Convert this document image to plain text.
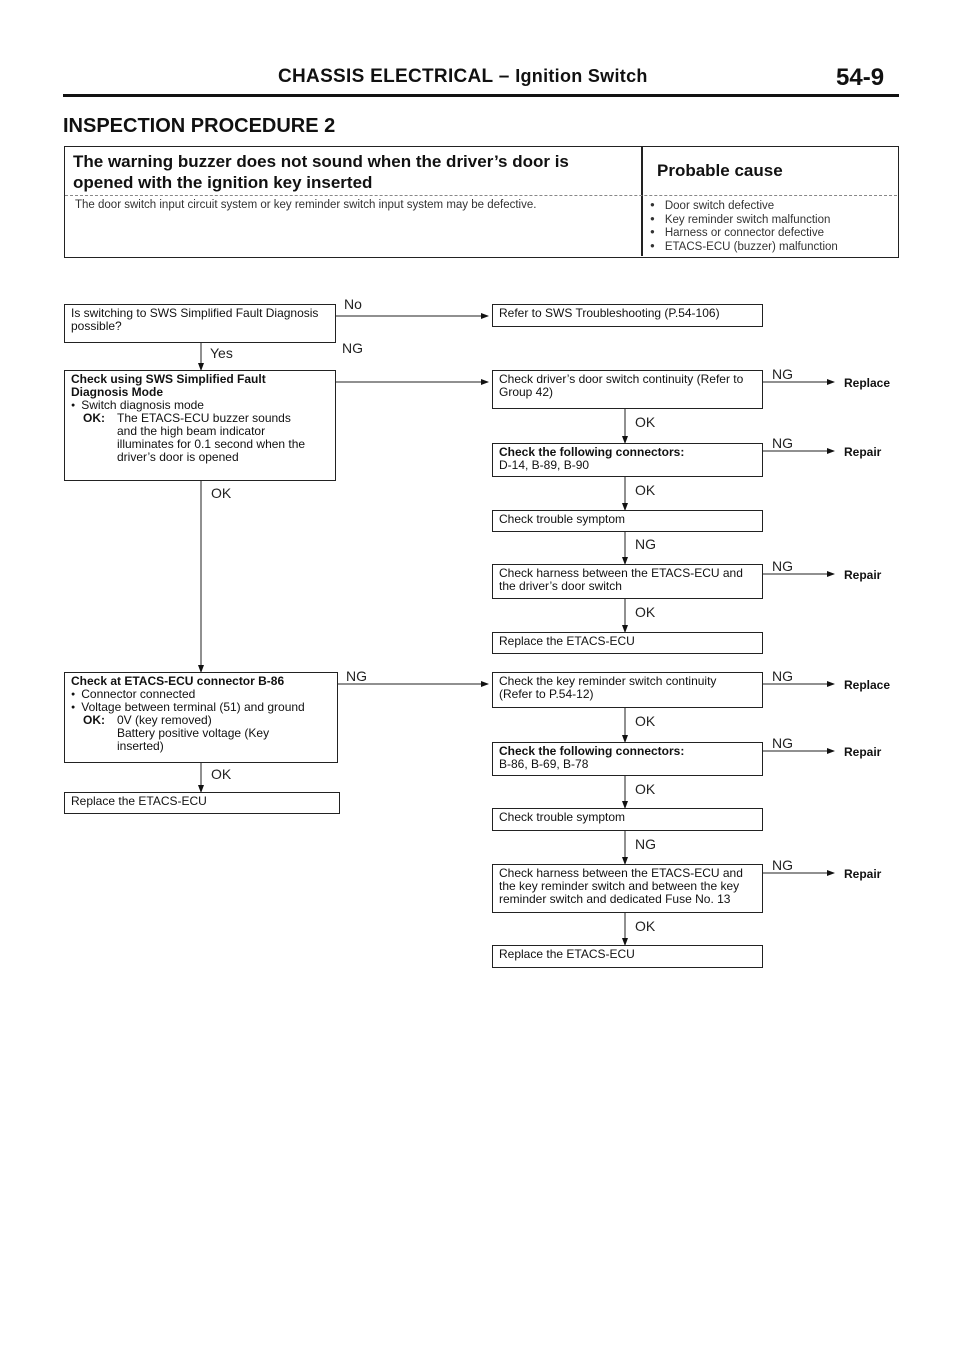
CHASSIS ELECTRICAL – Ignition Switch	54-9
INSPECTION PROCEDURE 2
The warning buzzer does not sound when the driver’s door is
opened with the ignition key inserted
The door switch input circuit system or key reminder switch input system may be defective.
Probable cause
● Door switch defective
● Key reminder switch malfunction
● Harness or connector defective
● ETACS-ECU (buzzer) malfunction
Is switching to SWS Simplified Fault Diagnosis
possible?
No
Yes
Check using SWS Simplified Fault
Diagnosis Mode
● Switch diagnosis mode
OK:	The ETACS-ECU buzzer sounds
and the high beam indicator
illuminates for 0.1 second when the
driver’s door is opened
NG
OK
Check at ETACS-ECU connector B-86
● Connector connected
● Voltage between terminal (51) and ground
OK:	0V (key removed)
Battery positive voltage (Key
inserted)
NG
OK
Replace the ETACS-ECU
Refer to SWS Troubleshooting (P.54-106)
Check driver’s door switch continuity (Refer to
Group 42)
NG
Replace
OK
Check the following connectors:
D-14, B-89, B-90
NG
Repair
OK
Check trouble symptom
NG
Check harness between the ETACS-ECU and
the driver’s door switch
NG
Repair
OK
Replace the ETACS-ECU
Check the key reminder switch continuity
(Refer to P.54-12)
NG
Replace
OK
Check the following connectors:
B-86, B-69, B-78
NG
Repair
OK
Check trouble symptom
NG
Check harness between the ETACS-ECU and
the key reminder switch and between the key
reminder switch and dedicated Fuse No. 13
NG
Repair
OK
Replace the ETACS-ECU
